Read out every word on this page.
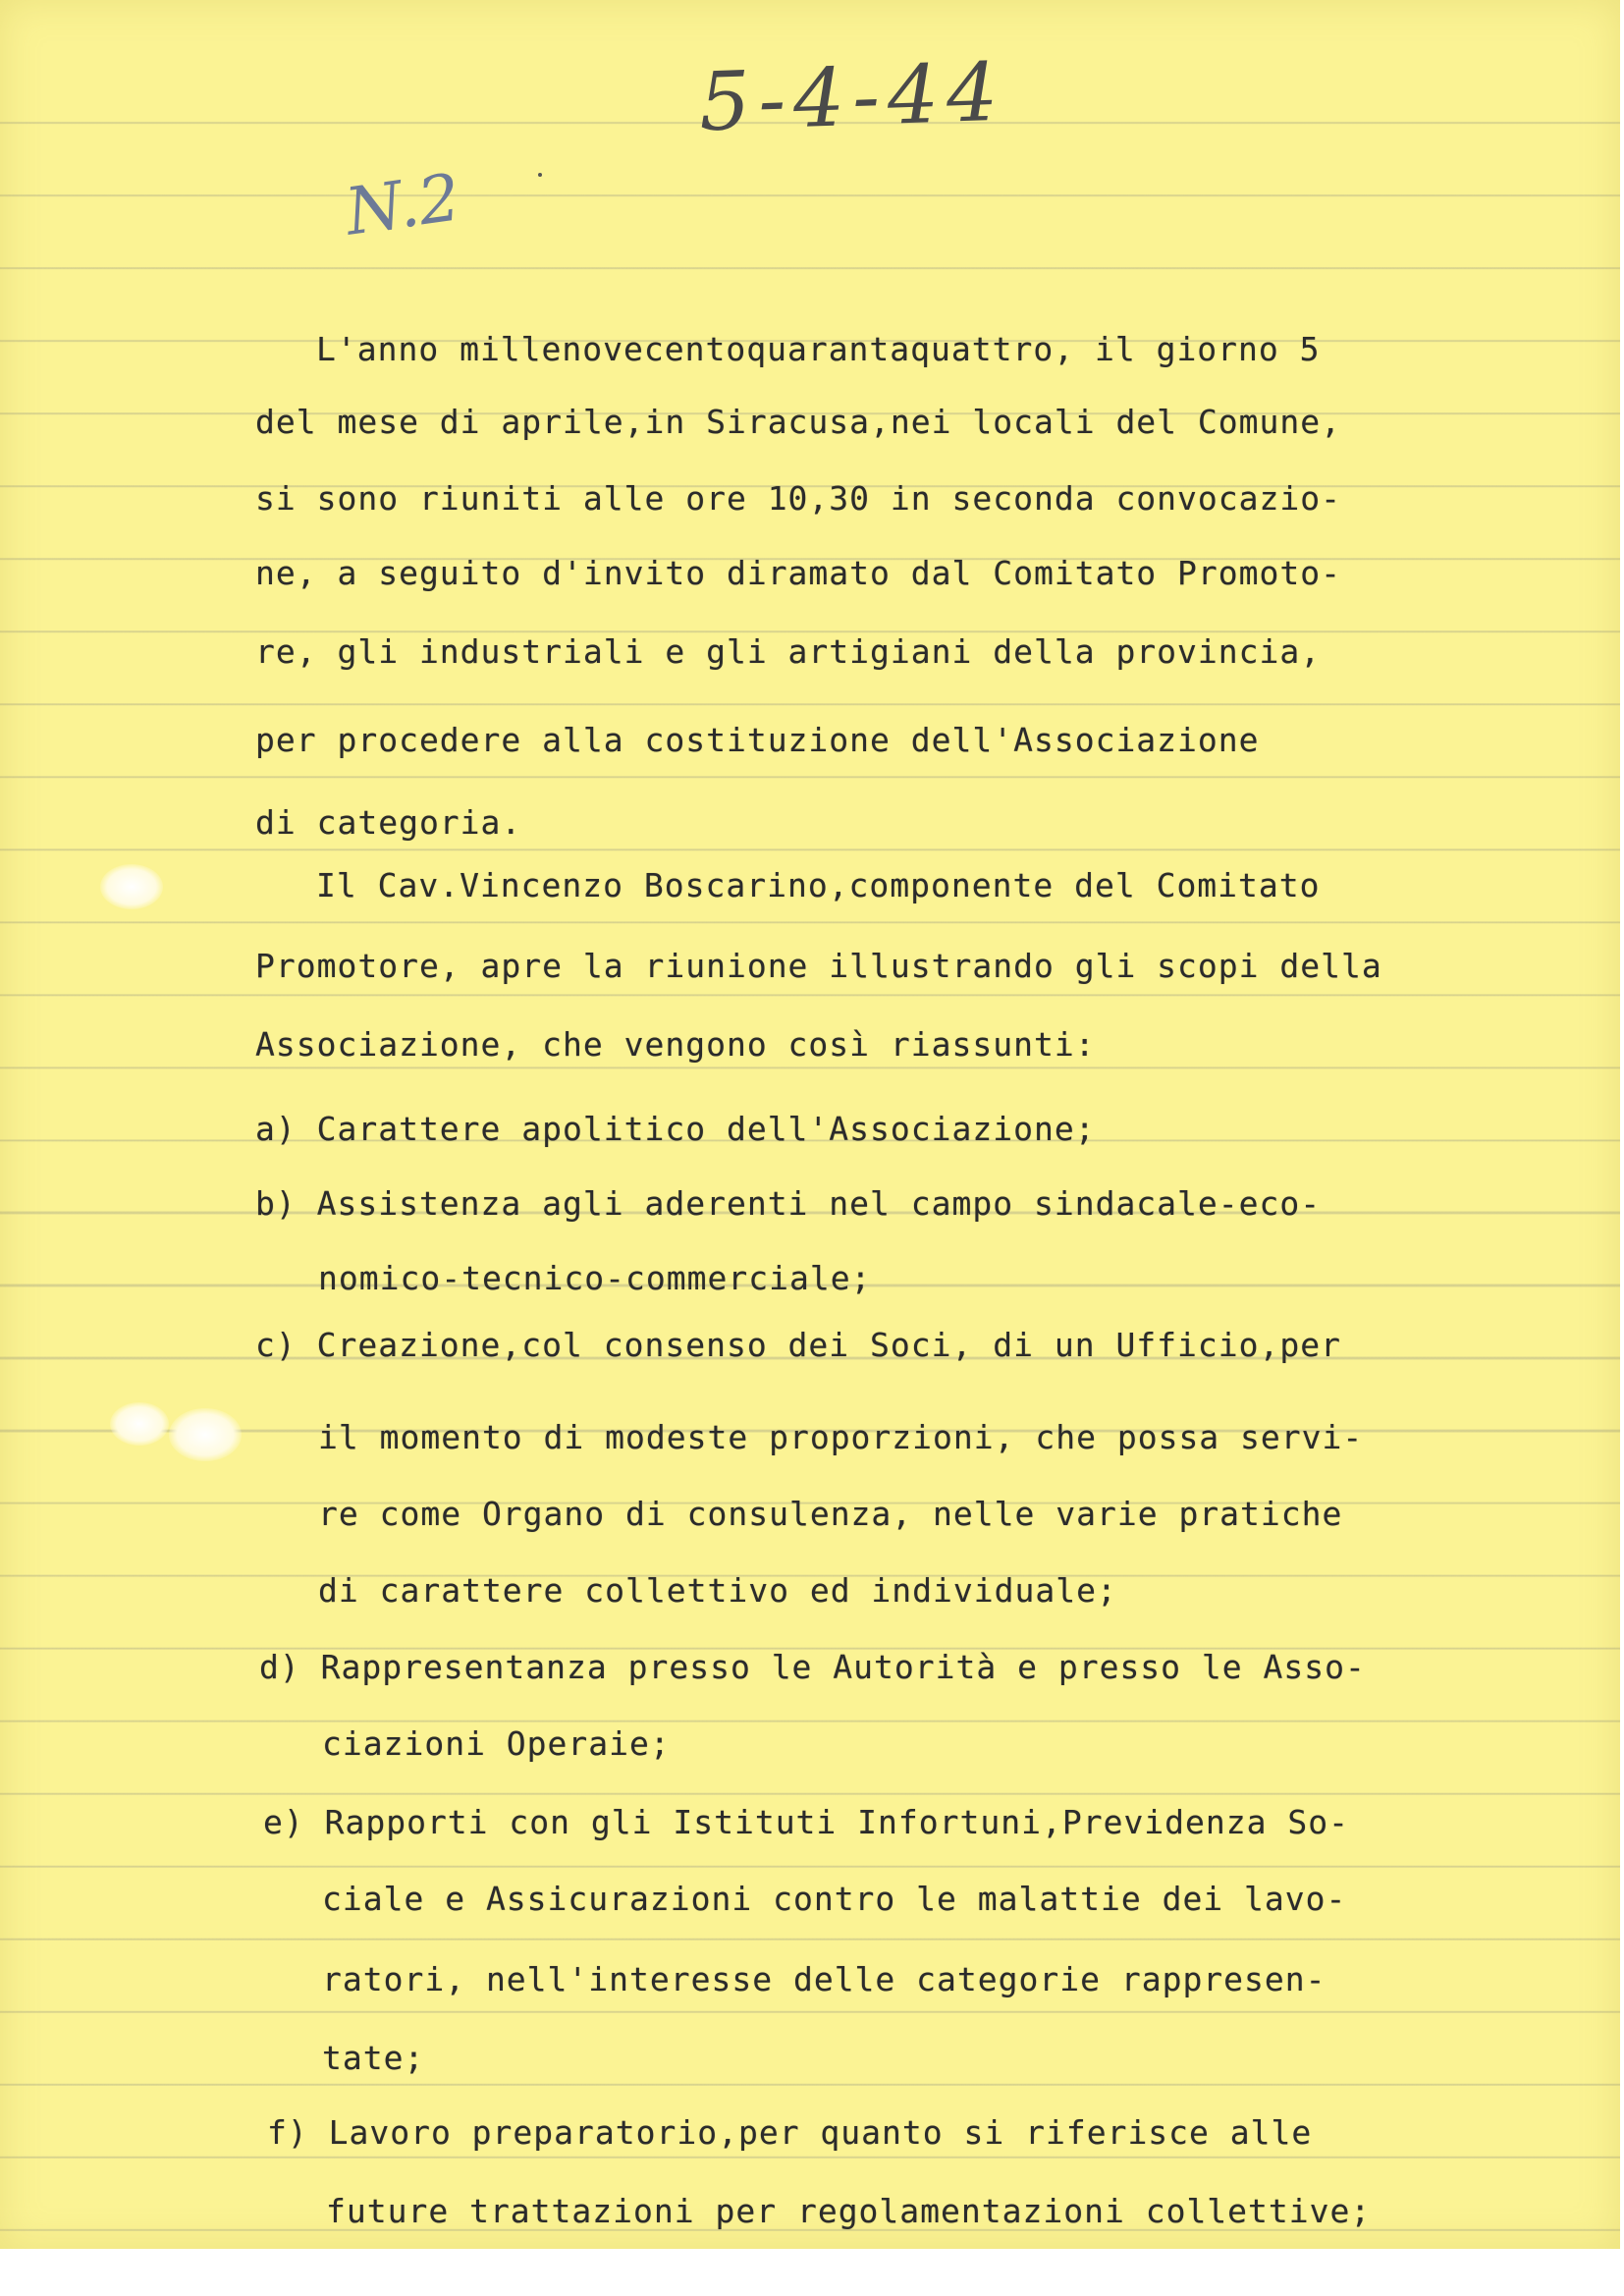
5-4-44
N.2
L'anno millenovecentoquarantaquattro, il giorno 5
del mese di aprile,in Siracusa,nei locali del Comune,
si sono riuniti alle ore 10,30 in seconda convocazio-
ne, a seguito d'invito diramato dal Comitato Promoto-
re, gli industriali e gli artigiani della provincia,
per procedere alla costituzione dell'Associazione
di categoria.
Il Cav.Vincenzo Boscarino,componente del Comitato
Promotore, apre la riunione illustrando gli scopi della
Associazione, che vengono così riassunti:
a) Carattere apolitico dell'Associazione;
b) Assistenza agli aderenti nel campo sindacale-eco-
nomico-tecnico-commerciale;
c) Creazione,col consenso dei Soci, di un Ufficio,per
il momento di modeste proporzioni, che possa servi-
re come Organo di consulenza, nelle varie pratiche
di carattere collettivo ed individuale;
d) Rappresentanza presso le Autorità e presso le Asso-
ciazioni Operaie;
e) Rapporti con gli Istituti Infortuni,Previdenza So-
ciale e Assicurazioni contro le malattie dei lavo-
ratori, nell'interesse delle categorie rappresen-
tate;
f) Lavoro preparatorio,per quanto si riferisce alle
future trattazioni per regolamentazioni collettive;
